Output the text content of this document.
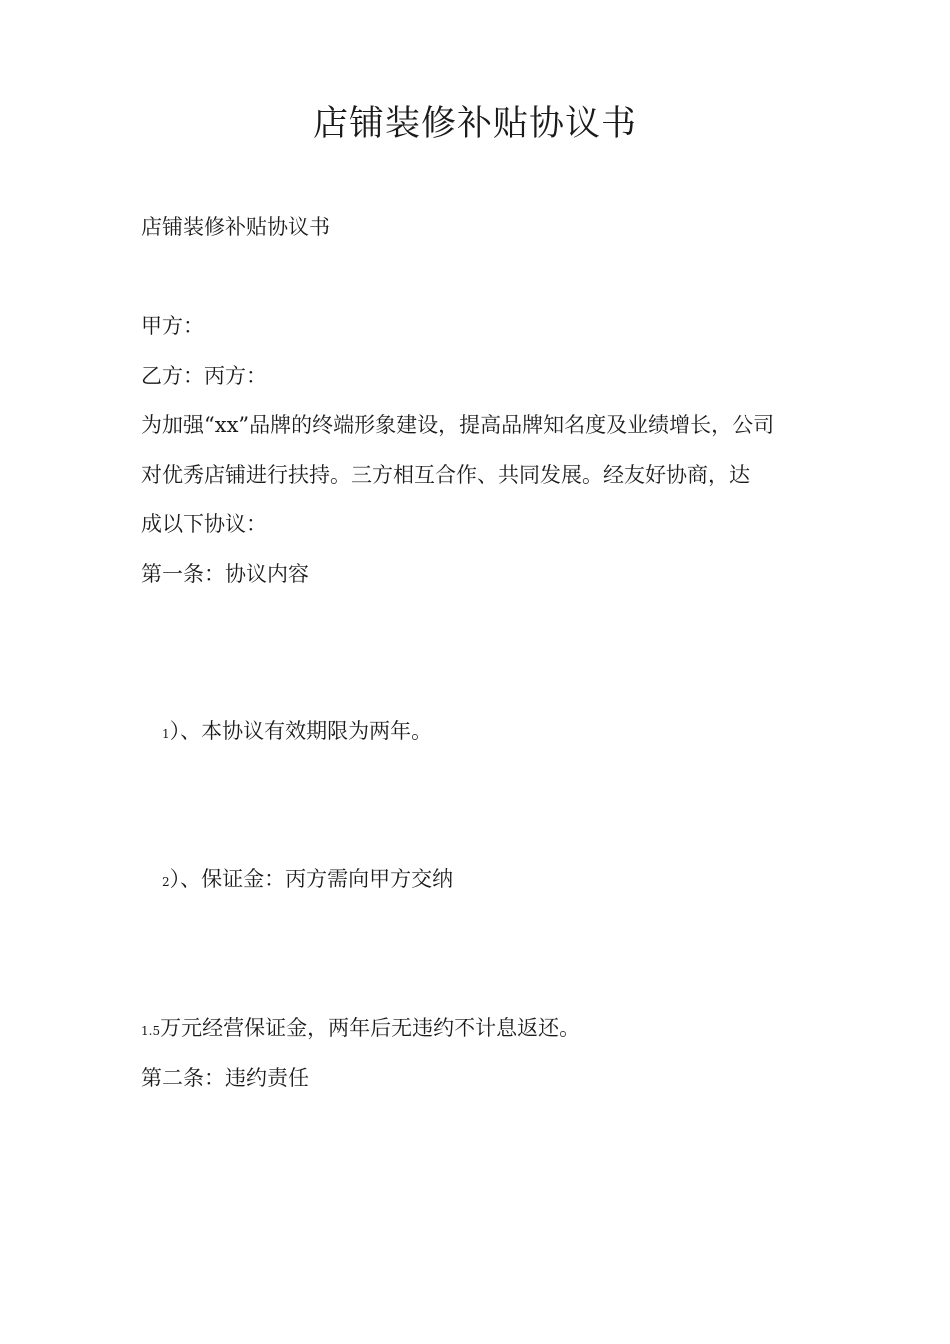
店铺装修补贴协议书

店铺装修补贴协议书

甲方：

乙方：丙方：

为加强“xx”品牌的终端形象建设，提高品牌知名度及业绩增长，公司

对优秀店铺进行扶持。三方相互合作、共同发展。经友好协商，达

成以下协议：

第一条：协议内容

1）、本协议有效期限为两年。

2）、保证金：丙方需向甲方交纳

1.5万元经营保证金，两年后无违约不计息返还。

第二条：违约责任
